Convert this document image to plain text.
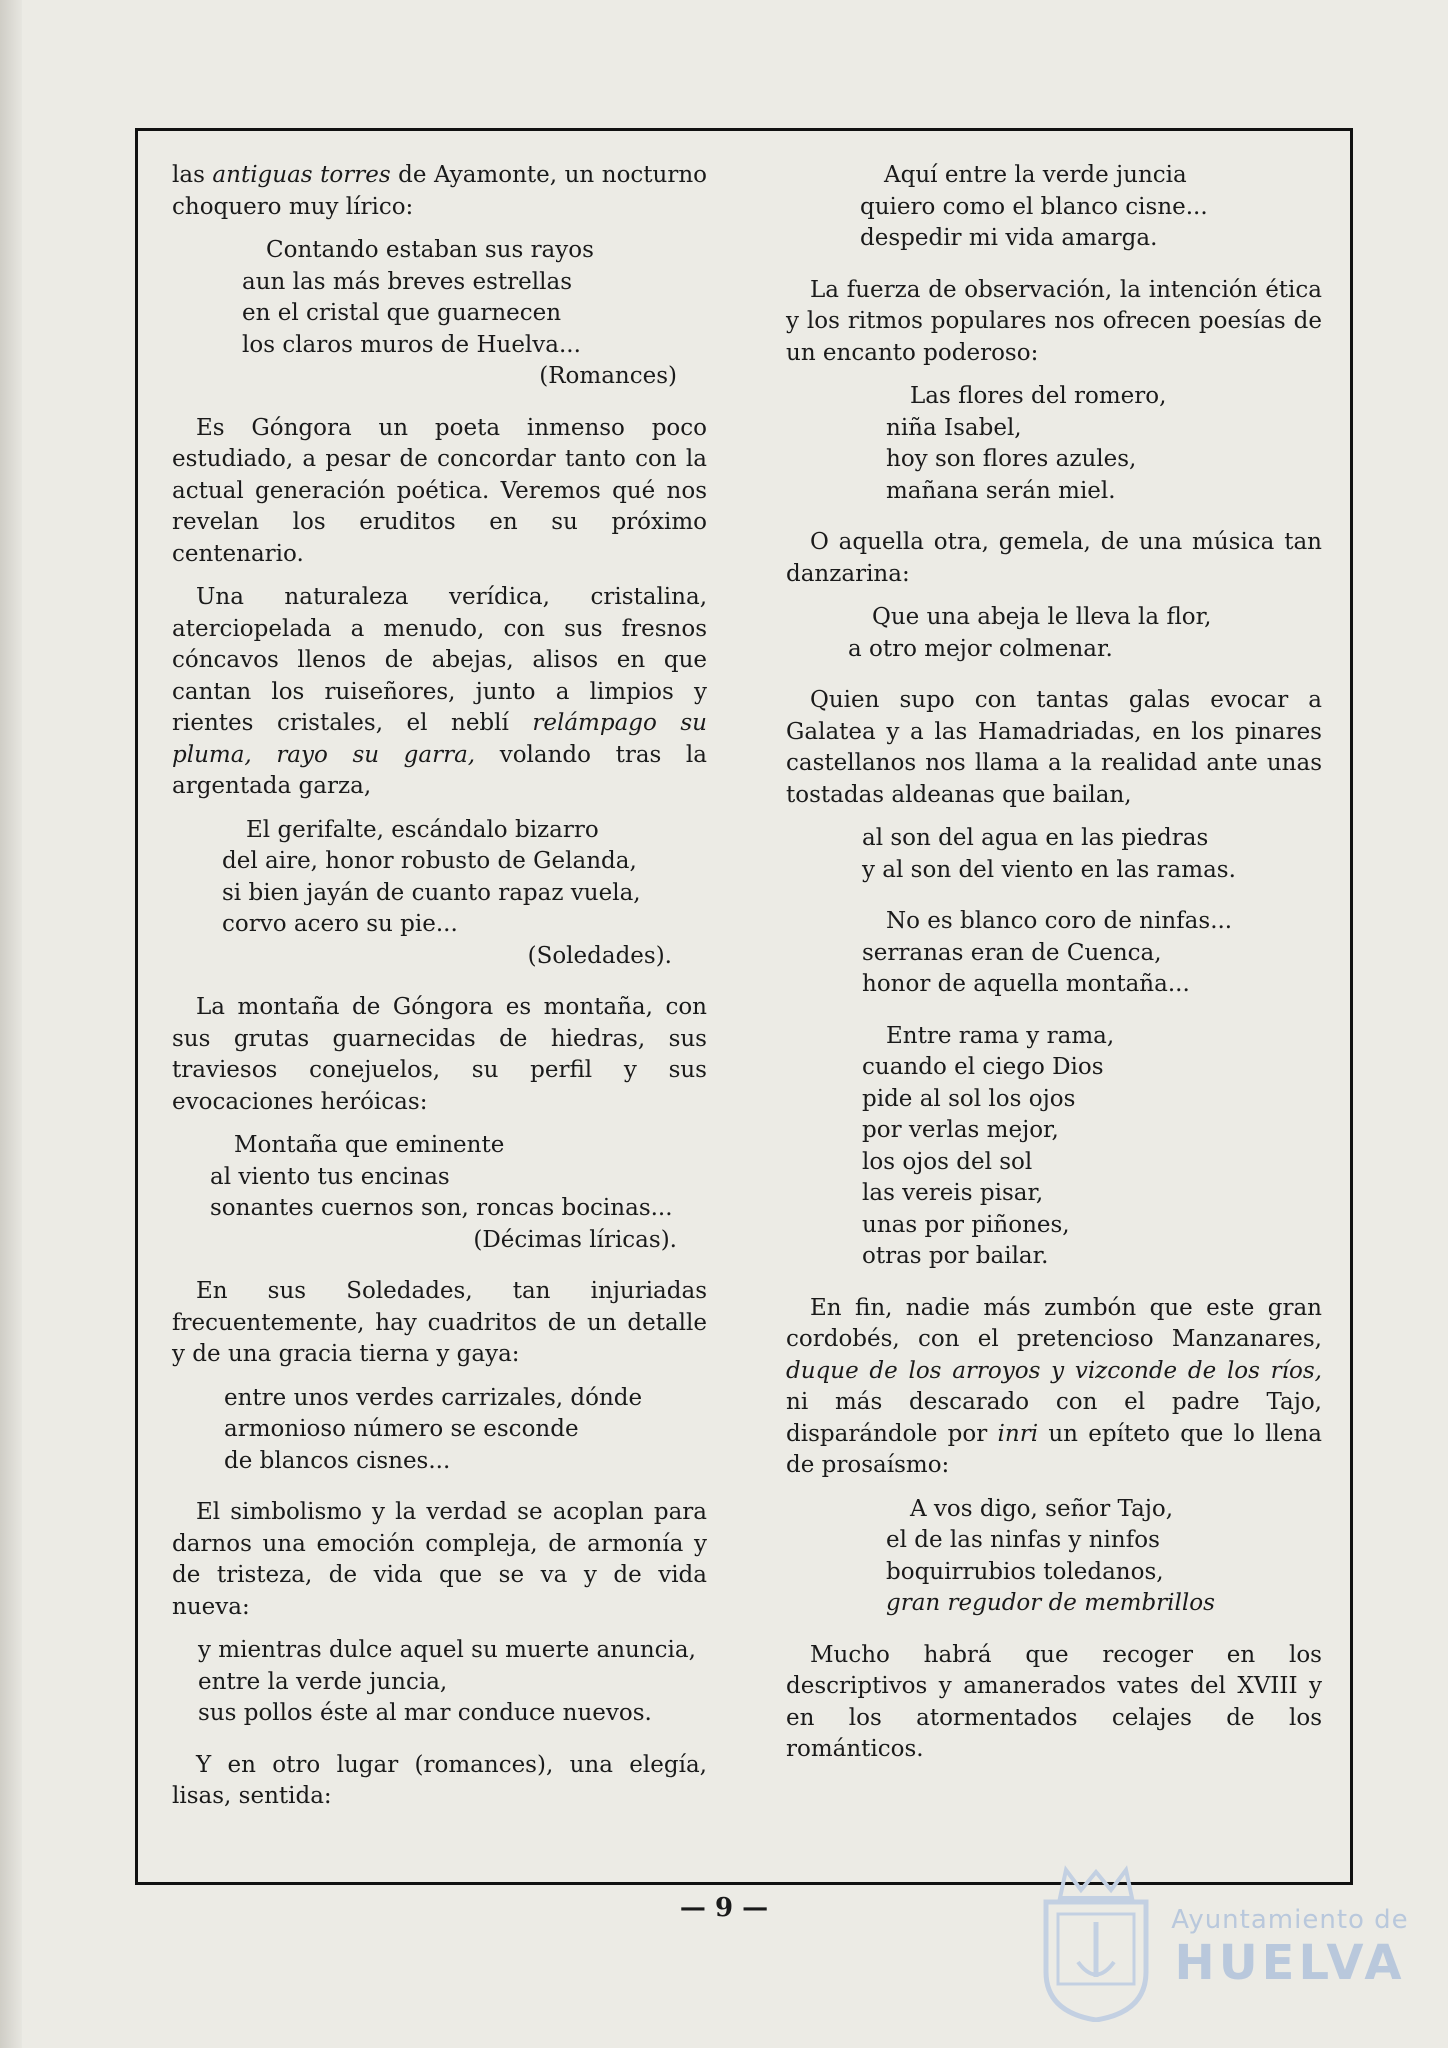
las antiguas torres de Ayamonte, un nocturno choquero muy lírico:

Contando estaban sus rayos
aun las más breves estrellas
en el cristal que guarnecen
los claros muros de Huelva...
(Romances)

Es Góngora un poeta inmenso poco estudiado, a pesar de concordar tanto con la actual generación poética. Veremos qué nos revelan los eruditos en su próximo centenario.

Una naturaleza verídica, cristalina, aterciopelada a menudo, con sus fresnos cóncavos llenos de abejas, alisos en que cantan los ruiseñores, junto a limpios y rientes cristales, el neblí relámpago su pluma, rayo su garra, volando tras la argentada garza,

El gerifalte, escándalo bizarro
del aire, honor robusto de Gelanda,
si bien jayán de cuanto rapaz vuela,
corvo acero su pie...
(Soledades).

La montaña de Góngora es montaña, con sus grutas guarnecidas de hiedras, sus traviesos conejuelos, su perfil y sus evocaciones heróicas:

Montaña que eminente
al viento tus encinas
sonantes cuernos son, roncas bocinas...
(Décimas líricas).

En sus Soledades, tan injuriadas frecuentemente, hay cuadritos de un detalle y de una gracia tierna y gaya:

entre unos verdes carrizales, dónde
armonioso número se esconde
de blancos cisnes...

El simbolismo y la verdad se acoplan para darnos una emoción compleja, de armonía y de tristeza, de vida que se va y de vida nueva:

y mientras dulce aquel su muerte anuncia,
entre la verde juncia,
sus pollos éste al mar conduce nuevos.

Y en otro lugar (romances), una elegía, lisas, sentida:

Aquí entre la verde juncia
quiero como el blanco cisne...
despedir mi vida amarga.

La fuerza de observación, la intención ética y los ritmos populares nos ofrecen poesías de un encanto poderoso:

Las flores del romero,
niña Isabel,
hoy son flores azules,
mañana serán miel.

O aquella otra, gemela, de una música tan danzarina:

Que una abeja le lleva la flor,
a otro mejor colmenar.

Quien supo con tantas galas evocar a Galatea y a las Hamadriadas, en los pinares castellanos nos llama a la realidad ante unas tostadas aldeanas que bailan,

al son del agua en las piedras
y al son del viento en las ramas.
No es blanco coro de ninfas...
serranas eran de Cuenca,
honor de aquella montaña...
Entre rama y rama,
cuando el ciego Dios
pide al sol los ojos
por verlas mejor,
los ojos del sol
las vereis pisar,
unas por piñones,
otras por bailar.

En fin, nadie más zumbón que este gran cordobés, con el pretencioso Manzanares, duque de los arroyos y vizconde de los ríos, ni más descarado con el padre Tajo, disparándole por inri un epíteto que lo llena de prosaísmo:

A vos digo, señor Tajo,
el de las ninfas y ninfos
boquirrubios toledanos,
gran regudor de membrillos

Mucho habrá que recoger en los descriptivos y amanerados vates del XVIII y en los atormentados celajes de los románticos.

— 9 —	Ayuntamiento de
HUELVA
